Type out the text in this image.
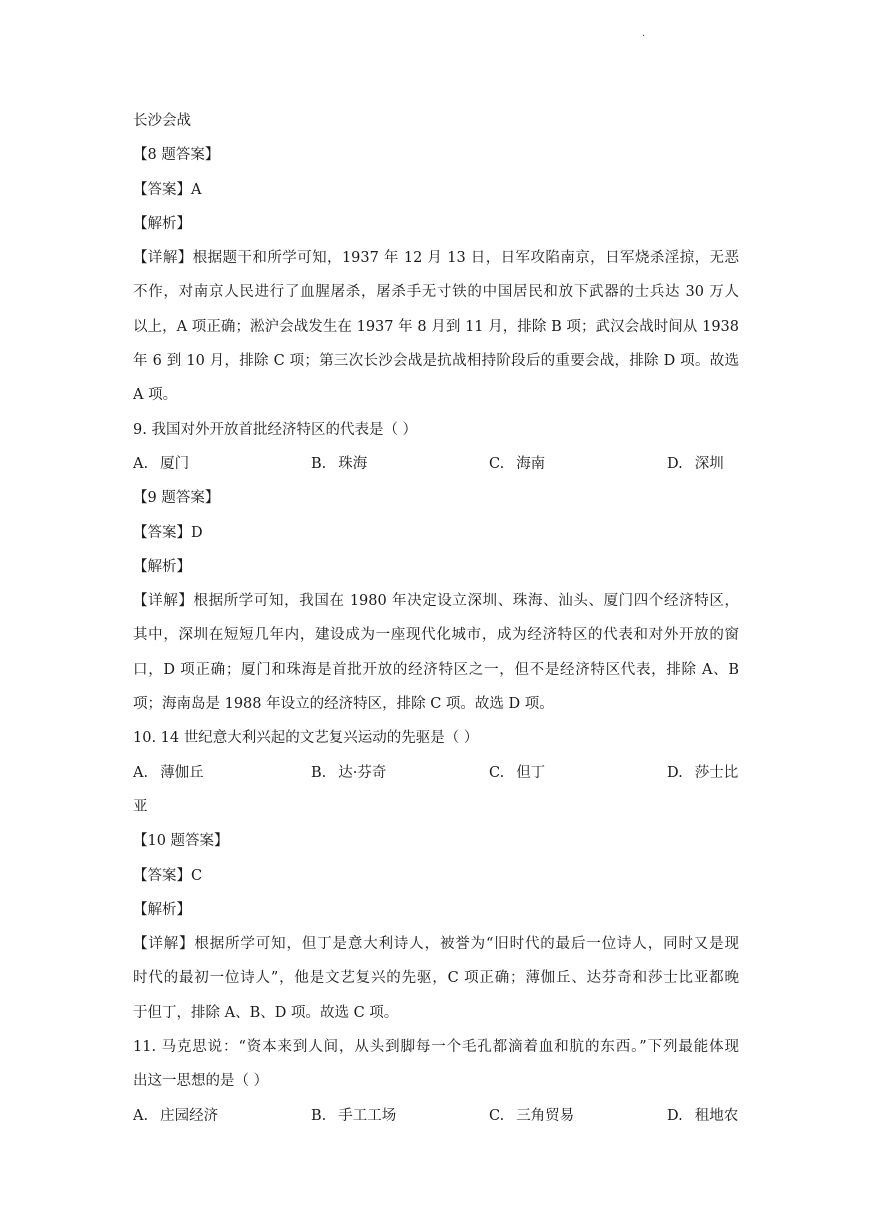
·
长沙会战
【8 题答案】
【答案】A
【解析】
【详解】根据题干和所学可知，1937 年 12 月 13 日，日军攻陷南京，日军烧杀淫掠，无恶
不作，对南京人民进行了血腥屠杀，屠杀手无寸铁的中国居民和放下武器的士兵达 30 万人
以上，A 项正确；淞沪会战发生在 1937 年 8 月到 11 月，排除 B 项；武汉会战时间从 1938
年 6 到 10 月，排除 C 项；第三次长沙会战是抗战相持阶段后的重要会战，排除 D 项。故选
A 项。
9. 我国对外开放首批经济特区的代表是（ ）
A. 厦门	B. 珠海	C. 海南	D. 深圳
【9 题答案】
【答案】D
【解析】
【详解】根据所学可知，我国在 1980 年决定设立深圳、珠海、汕头、厦门四个经济特区，
其中，深圳在短短几年内，建设成为一座现代化城市，成为经济特区的代表和对外开放的窗
口，D 项正确；厦门和珠海是首批开放的经济特区之一，但不是经济特区代表，排除 A、B
项；海南岛是 1988 年设立的经济特区，排除 C 项。故选 D 项。
10. 14 世纪意大利兴起的文艺复兴运动的先驱是（ ）
A. 薄伽丘	B. 达·芬奇	C. 但丁	D. 莎士比
亚
【10 题答案】
【答案】C
【解析】
【详解】根据所学可知，但丁是意大利诗人，被誉为“旧时代的最后一位诗人，同时又是现
时代的最初一位诗人”，他是文艺复兴的先驱，C 项正确；薄伽丘、达芬奇和莎士比亚都晚
于但丁，排除 A、B、D 项。故选 C 项。
11. 马克思说：“资本来到人间，从头到脚每一个毛孔都滴着血和肮的东西。”下列最能体现
出这一思想的是（ ）
A. 庄园经济	B. 手工工场	C. 三角贸易	D. 租地农
